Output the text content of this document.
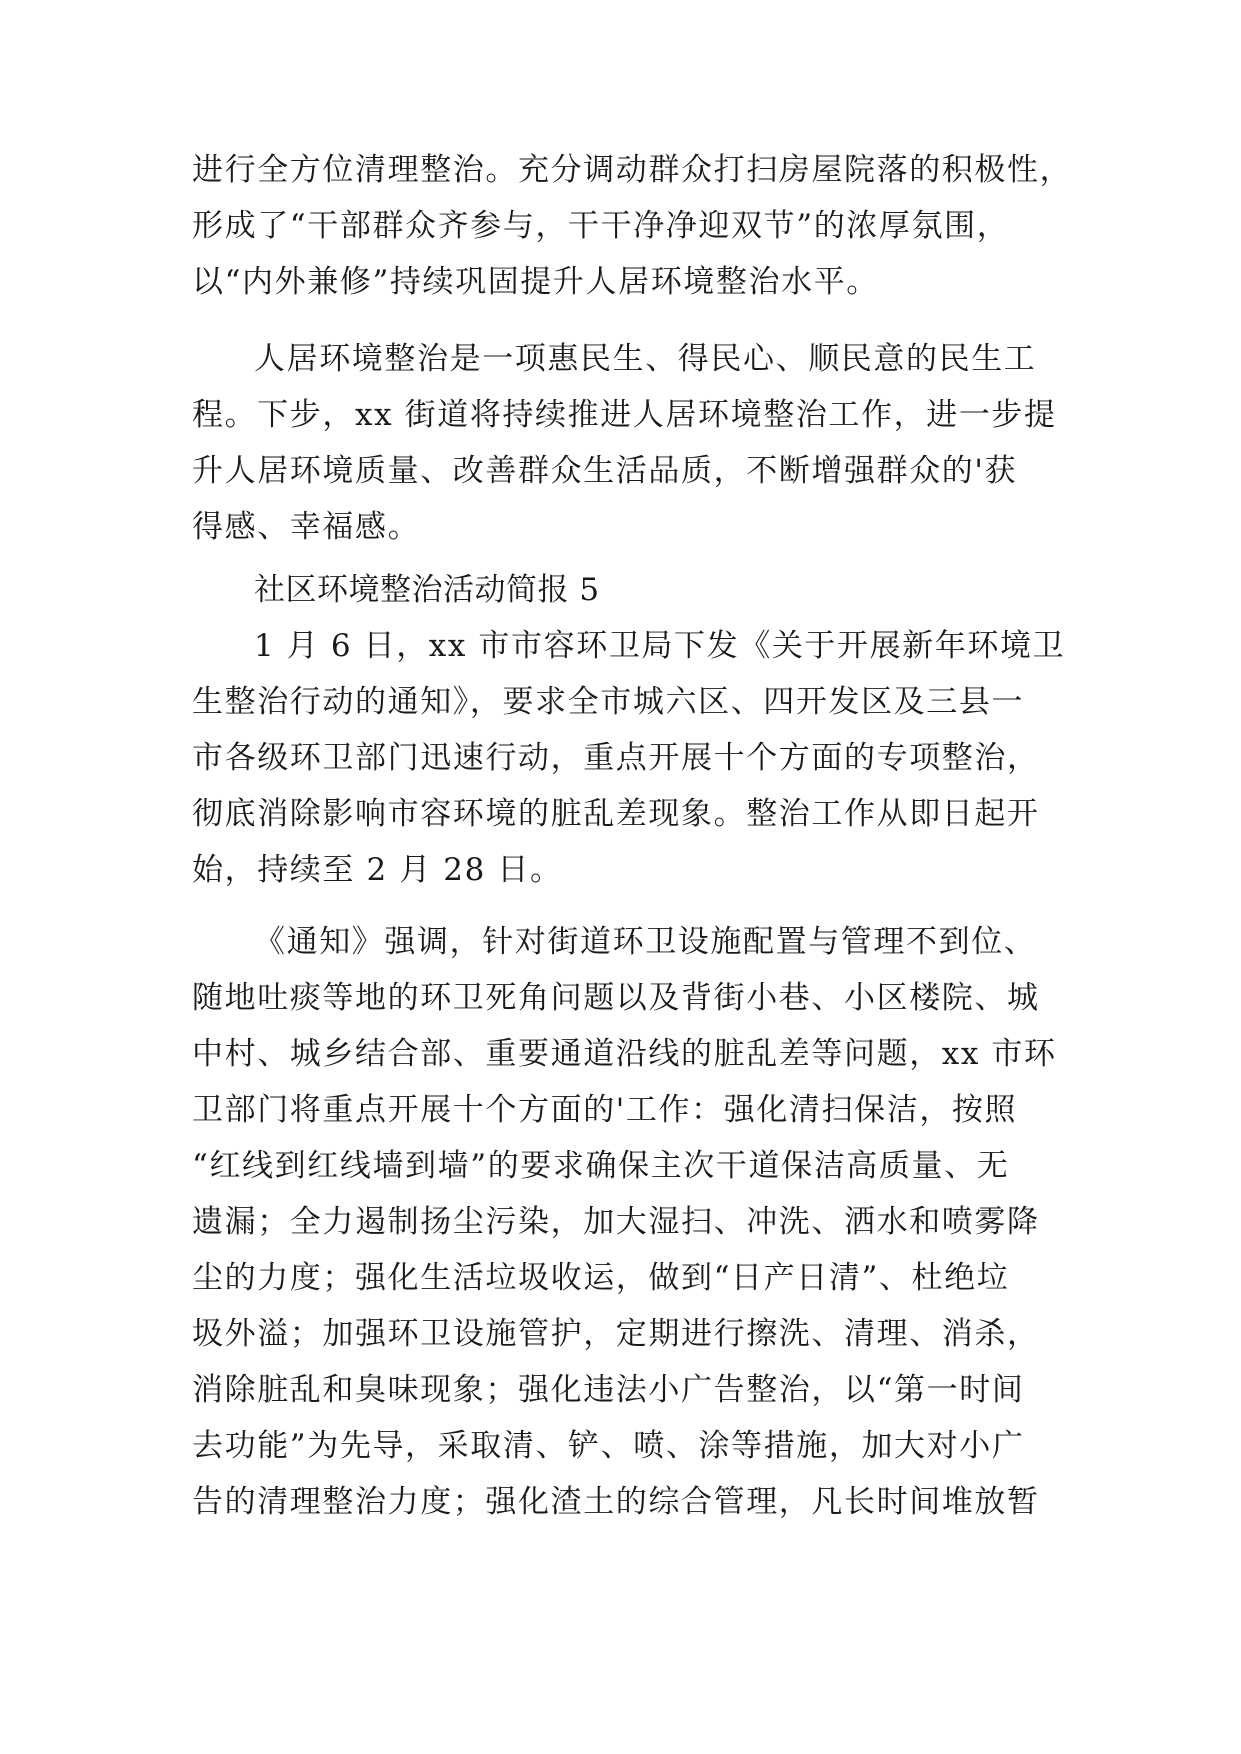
进行全方位清理整治。充分调动群众打扫房屋院落的积极性，
形成了“干部群众齐参与，干干净净迎双节”的浓厚氛围，
以“内外兼修”持续巩固提升人居环境整治水平。
人居环境整治是一项惠民生、得民心、顺民意的民生工
程。下步，xx 街道将持续推进人居环境整治工作，进一步提
升人居环境质量、改善群众生活品质，不断增强群众的'获
得感、幸福感。
社区环境整治活动简报 5
1 月 6 日，xx 市市容环卫局下发《关于开展新年环境卫
生整治行动的通知》，要求全市城六区、四开发区及三县一
市各级环卫部门迅速行动，重点开展十个方面的专项整治，
彻底消除影响市容环境的脏乱差现象。整治工作从即日起开
始，持续至 2 月 28 日。
《通知》强调，针对街道环卫设施配置与管理不到位、
随地吐痰等地的环卫死角问题以及背街小巷、小区楼院、城
中村、城乡结合部、重要通道沿线的脏乱差等问题，xx 市环
卫部门将重点开展十个方面的'工作：强化清扫保洁，按照
“红线到红线墙到墙”的要求确保主次干道保洁高质量、无
遗漏；全力遏制扬尘污染，加大湿扫、冲洗、洒水和喷雾降
尘的力度；强化生活垃圾收运，做到“日产日清”、杜绝垃
圾外溢；加强环卫设施管护，定期进行擦洗、清理、消杀，
消除脏乱和臭味现象；强化违法小广告整治，以“第一时间
去功能”为先导，采取清、铲、喷、涂等措施，加大对小广
告的清理整治力度；强化渣土的综合管理，凡长时间堆放暂
